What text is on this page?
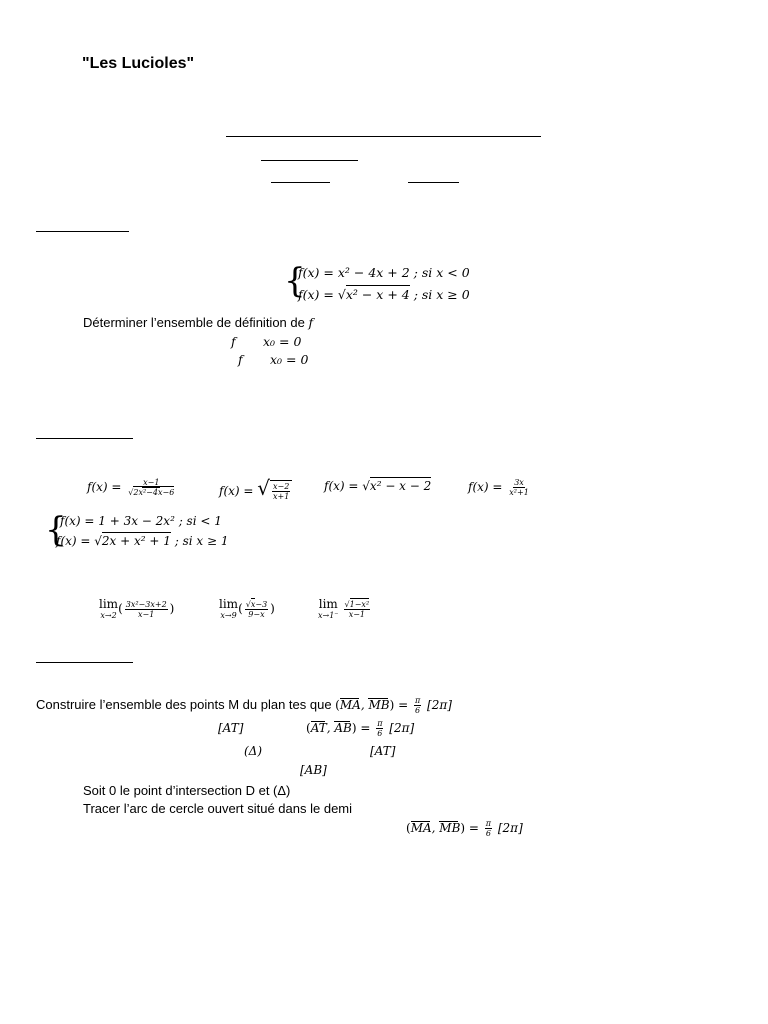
"Les Lucioles"
{
f(x) = x² − 4x + 2 ; si x < 0
f(x) = √x² − x + 4 ; si x ≥ 0
Déterminer l’ensemble de définition de f
f x₀ = 0
f x₀ = 0
$f(x) = \frac{x-1}{\text{√2x²−4x−6}}$	f(x) = √ $\frac{x-2}{x+1}$	f(x) = √x² − x − 2	$f(x) = \frac{3x}{\text{x²+1}}$
{
f(x) = 1 + 3x − 2x² ; si < 1
f(x) = √2x + x² + 1 ; si x ≥ 1
lim
x→2 ( $\frac{\text{3x²−3x+2}}{x-1}$ )	lim
x→9 ( $\frac{√x-3}{9-x}$ )	lim
$x\to 1^- \frac{\text{√1−x²}}{x-1}$
Construire l’ensemble des points M du plan tes que (MA, $MB) = \frac{\pi}{6} [2\pi]$
[AT]	(AT, $AB) = \frac{\pi}{6} [2\pi]$
(Δ)	[AT]
[AB]
Soit 0 le point d’intersection D et (Δ)
Tracer l’arc de cercle ouvert situé dans le demi
(MA, $MB) = \frac{\pi}{6} [2\pi]$
